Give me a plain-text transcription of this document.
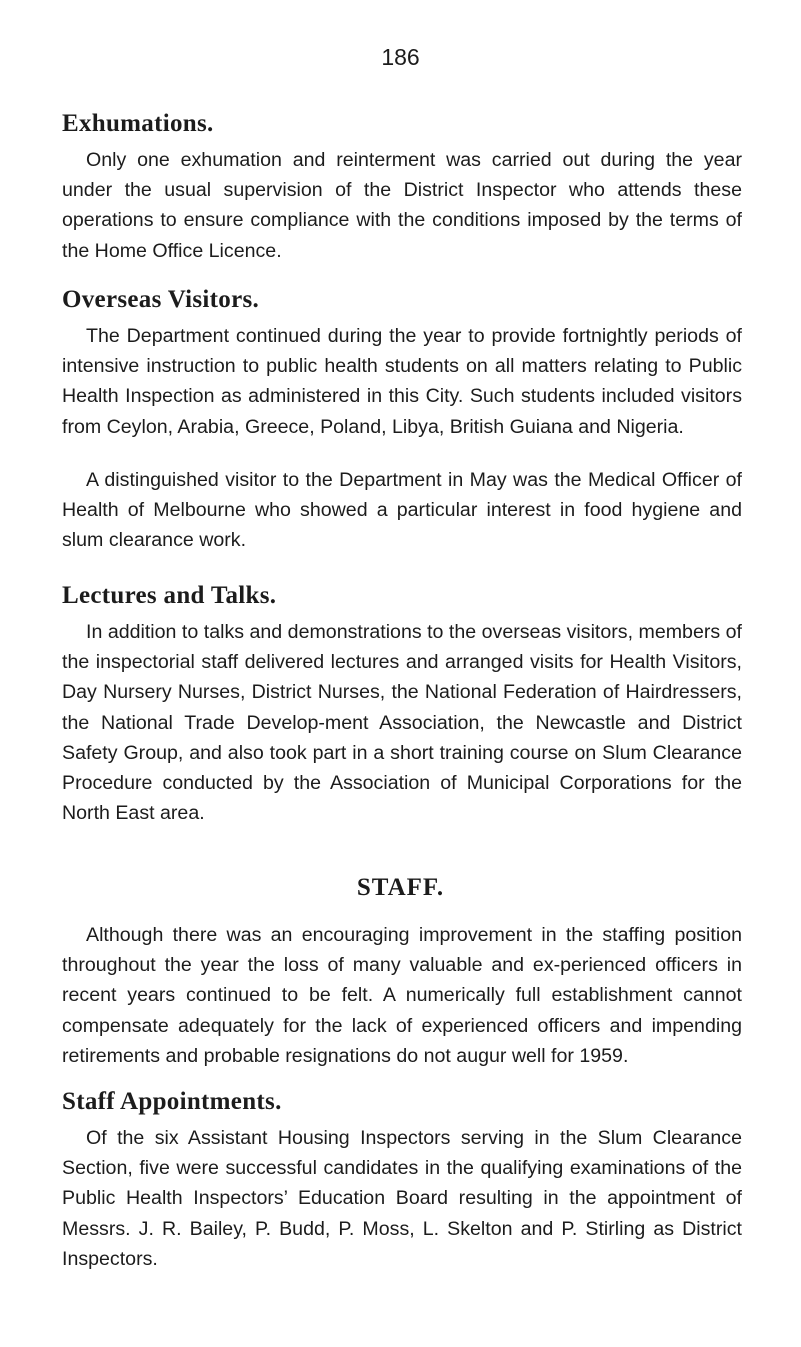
186
Exhumations.

Only one exhumation and reinterment was carried out during the year under the usual supervision of the District Inspector who attends these operations to ensure compliance with the conditions imposed by the terms of the Home Office Licence.

Overseas Visitors.

The Department continued during the year to provide fortnightly periods of intensive instruction to public health students on all matters relating to Public Health Inspection as administered in this City. Such students included visitors from Ceylon, Arabia, Greece, Poland, Libya, British Guiana and Nigeria.

A distinguished visitor to the Department in May was the Medical Officer of Health of Melbourne who showed a particular interest in food hygiene and slum clearance work.

Lectures and Talks.

In addition to talks and demonstrations to the overseas visitors, members of the inspectorial staff delivered lectures and arranged visits for Health Visitors, Day Nursery Nurses, District Nurses, the National Federation of Hairdressers, the National Trade Develop-ment Association, the Newcastle and District Safety Group, and also took part in a short training course on Slum Clearance Procedure conducted by the Association of Municipal Corporations for the North East area.

STAFF.

Although there was an encouraging improvement in the staffing position throughout the year the loss of many valuable and ex-perienced officers in recent years continued to be felt. A numerically full establishment cannot compensate adequately for the lack of experienced officers and impending retirements and probable resignations do not augur well for 1959.

Staff Appointments.

Of the six Assistant Housing Inspectors serving in the Slum Clearance Section, five were successful candidates in the qualifying examinations of the Public Health Inspectors’ Education Board resulting in the appointment of Messrs. J. R. Bailey, P. Budd, P. Moss, L. Skelton and P. Stirling as District Inspectors.
